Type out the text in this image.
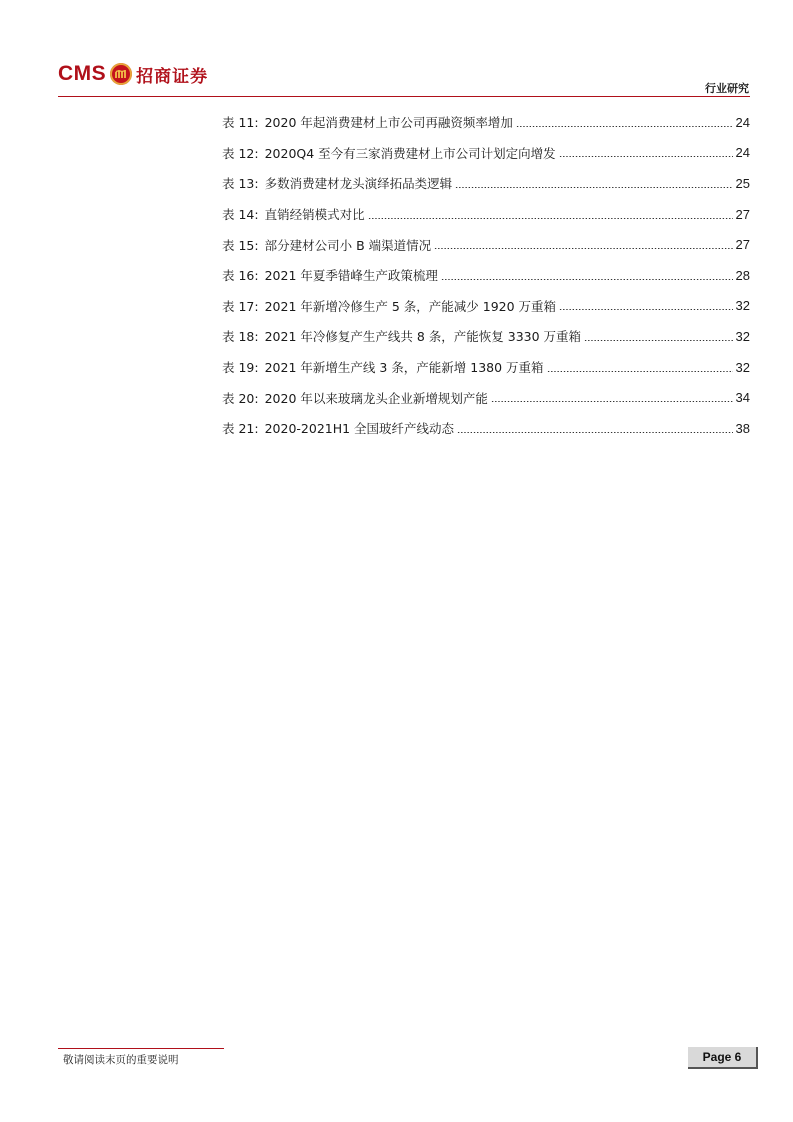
CMS 招商证券
行业研究
表 11: 2020 年起消费建材上市公司再融资频率增加	24
表 12: 2020Q4 至今有三家消费建材上市公司计划定向增发	24
表 13: 多数消费建材龙头演绎拓品类逻辑	25
表 14: 直销经销模式对比	27
表 15: 部分建材公司小 B 端渠道情况	27
表 16: 2021 年夏季错峰生产政策梳理	28
表 17: 2021 年新增冷修生产 5 条，产能减少 1920 万重箱	32
表 18: 2021 年冷修复产生产线共 8 条，产能恢复 3330 万重箱	32
表 19: 2021 年新增生产线 3 条，产能新增 1380 万重箱	32
表 20: 2020 年以来玻璃龙头企业新增规划产能	34
表 21: 2020-2021H1 全国玻纤产线动态	38
敬请阅读末页的重要说明	Page 6
